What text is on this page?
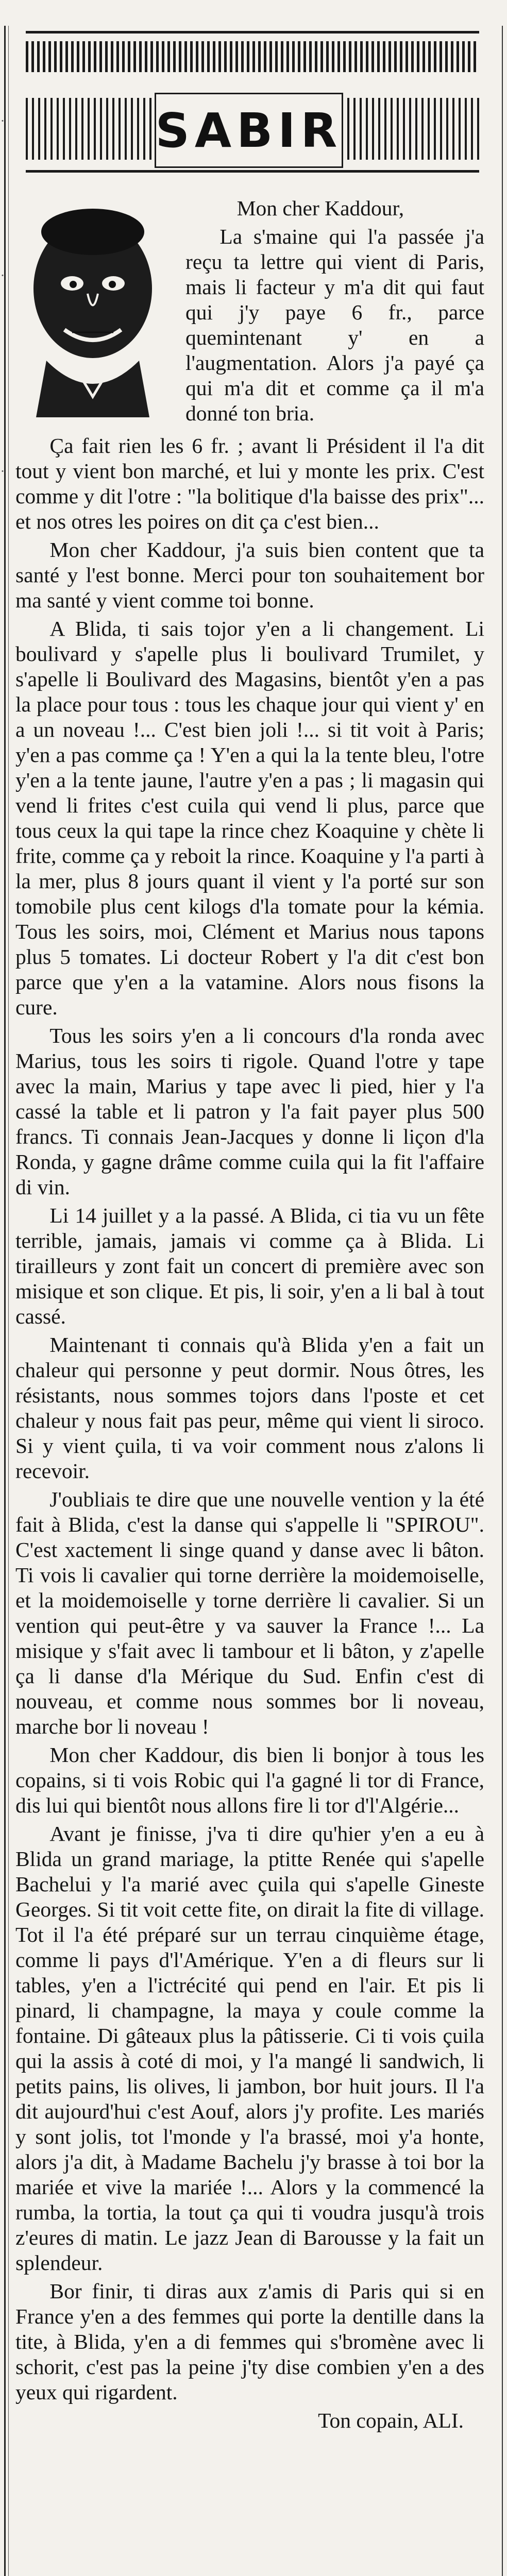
·
·
·
SABIR

Mon cher Kaddour,

La s'maine qui l'a passée j'a reçu ta lettre qui vient di Paris, mais li facteur y m'a dit qui faut qui j'y paye 6 fr., parce quemintenant y' en a l'augmentation. Alors j'a payé ça qui m'a dit et comme ça il m'a donné ton bria.

Ça fait rien les 6 fr. ; avant li Président il l'a dit tout y vient bon marché, et lui y monte les prix. C'est comme y dit l'otre : "la bolitique d'la baisse des prix"... et nos otres les poires on dit ça c'est bien...

Mon cher Kaddour, j'a suis bien content que ta santé y l'est bonne. Merci pour ton souhaitement bor ma santé y vient comme toi bonne.

A Blida, ti sais tojor y'en a li changement. Li boulivard y s'apelle plus li boulivard Trumilet, y s'apelle li Boulivard des Magasins, bientôt y'en a pas la place pour tous : tous les chaque jour qui vient y' en a un noveau !... C'est bien joli !... si tit voit à Paris; y'en a pas comme ça ! Y'en a qui la la tente bleu, l'otre y'en a la tente jaune, l'autre y'en a pas ; li magasin qui vend li frites c'est cuila qui vend li plus, parce que tous ceux la qui tape la rince chez Koaquine y chète li frite, comme ça y reboit la rince. Koaquine y l'a parti à la mer, plus 8 jours quant il vient y l'a porté sur son tomobile plus cent kilogs d'la tomate pour la kémia. Tous les soirs, moi, Clément et Marius nous tapons plus 5 tomates. Li docteur Robert y l'a dit c'est bon parce que y'en a la vatamine. Alors nous fisons la cure.

Tous les soirs y'en a li concours d'la ronda avec Marius, tous les soirs ti rigole. Quand l'otre y tape avec la main, Marius y tape avec li pied, hier y l'a cassé la table et li patron y l'a fait payer plus 500 francs. Ti connais Jean-Jacques y donne li liçon d'la Ronda, y gagne drâme comme cuila qui la fit l'affaire di vin.

Li 14 juillet y a la passé. A Blida, ci tia vu un fête terrible, jamais, jamais vi comme ça à Blida. Li tirailleurs y zont fait un concert di première avec son misique et son clique. Et pis, li soir, y'en a li bal à tout cassé.

Maintenant ti connais qu'à Blida y'en a fait un chaleur qui personne y peut dormir. Nous ôtres, les résistants, nous sommes tojors dans l'poste et cet chaleur y nous fait pas peur, même qui vient li siroco. Si y vient çuila, ti va voir comment nous z'alons li recevoir.

J'oubliais te dire que une nouvelle vention y la été fait à Blida, c'est la danse qui s'appelle li "SPIROU". C'est xactement li singe quand y danse avec li bâton. Ti vois li cavalier qui torne derrière la moidemoiselle, et la moidemoiselle y torne derrière li cavalier. Si un vention qui peut-être y va sauver la France !... La misique y s'fait avec li tambour et li bâton, y z'apelle ça li danse d'la Mérique du Sud. Enfin c'est di nouveau, et comme nous sommes bor li noveau, marche bor li noveau !

Mon cher Kaddour, dis bien li bonjor à tous les copains, si ti vois Robic qui l'a gagné li tor di France, dis lui qui bientôt nous allons fire li tor d'l'Algérie...

Avant je finisse, j'va ti dire qu'hier y'en a eu à Blida un grand mariage, la ptitte Renée qui s'apelle Bachelui y l'a marié avec çuila qui s'apelle Gineste Georges. Si tit voit cette fite, on dirait la fite di village. Tot il l'a été préparé sur un terrau cinquième étage, comme li pays d'l'Amérique. Y'en a di fleurs sur li tables, y'en a l'ictrécité qui pend en l'air. Et pis li pinard, li champagne, la maya y coule comme la fontaine. Di gâteaux plus la pâtisserie. Ci ti vois çuila qui la assis à coté di moi, y l'a mangé li sandwich, li petits pains, lis olives, li jambon, bor huit jours. Il l'a dit aujourd'hui c'est Aouf, alors j'y profite. Les mariés y sont jolis, tot l'monde y l'a brassé, moi y'a honte, alors j'a dit, à Madame Bachelu j'y brasse à toi bor la mariée et vive la mariée !... Alors y la commencé la rumba, la tortia, la tout ça qui ti voudra jusqu'à trois z'eures di matin. Le jazz Jean di Barousse y la fait un splendeur.

Bor finir, ti diras aux z'amis di Paris qui si en France y'en a des femmes qui porte la dentille dans la tite, à Blida, y'en a di femmes qui s'bromène avec li schorit, c'est pas la peine j'ty dise combien y'en a des yeux qui rigardent.

Ton copain, ALI.
